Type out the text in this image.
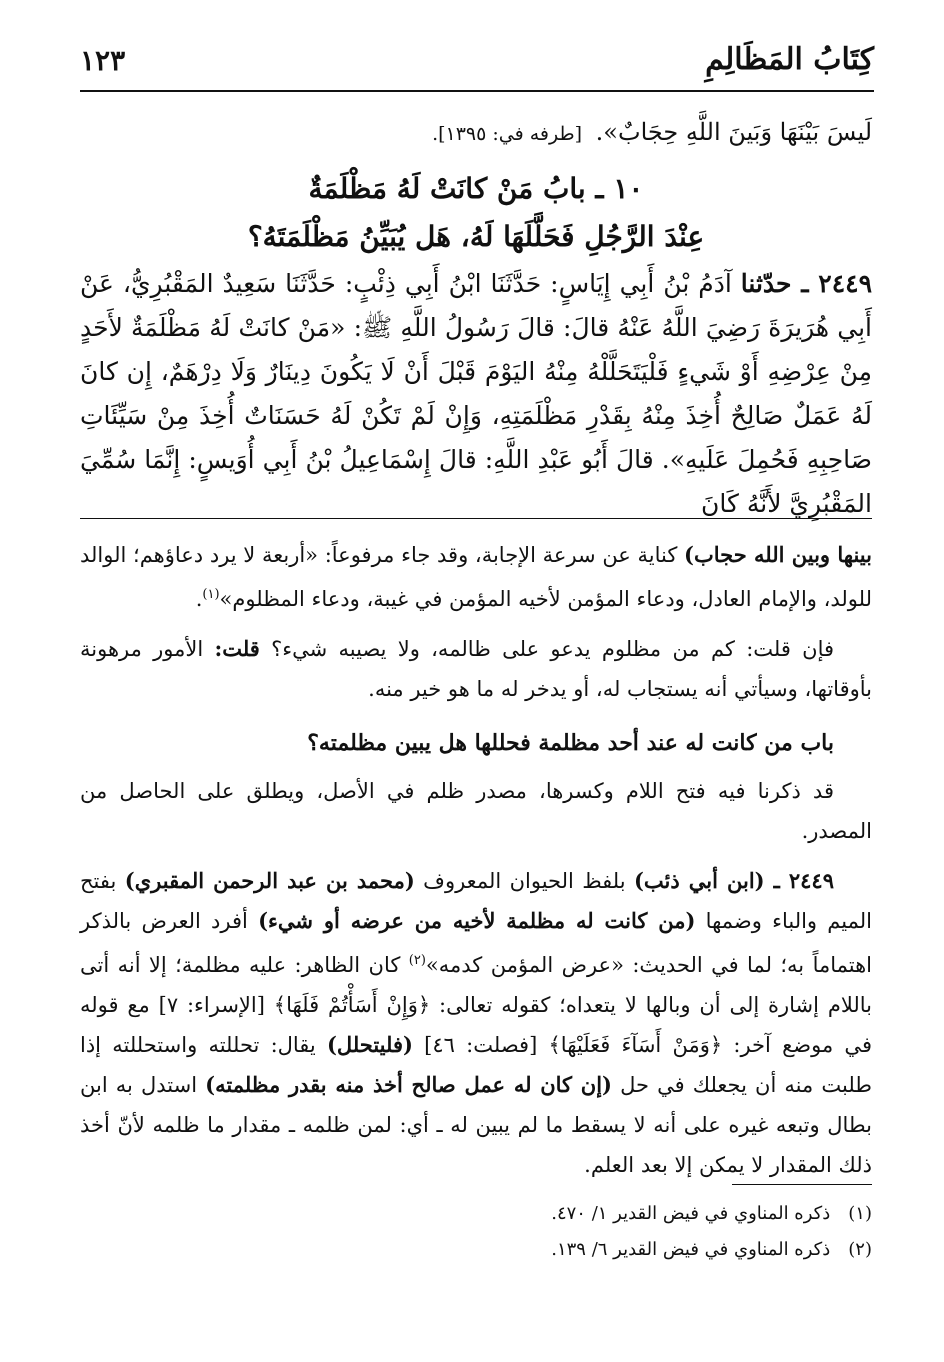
كِتَابُ المَظَالِمِ
١٢٣
لَيسَ بَيْنَهَا وَبَينَ اللَّهِ حِجَابٌ». [طرفه في: ١٣٩٥].
١٠ ـ بابُ مَنْ كانَتْ لَهُ مَظْلَمَةٌ
عِنْدَ الرَّجُلِ فَحَلَّلَهَا لَهُ، هَل يُبَيِّنُ مَظْلَمَتَهُ؟
٢٤٤٩ ـ حدّثنا آدَمُ بْنُ أَبِي إِيَاسٍ: حَدَّثَنَا ابْنُ أَبِي ذِئْبٍ: حَدَّثَنَا سَعِيدٌ المَقْبُرِيُّ، عَنْ أَبِي هُرَيرَةَ رَضِيَ اللَّهُ عَنْهُ قالَ: قالَ رَسُولُ اللَّهِ ﷺ: «مَنْ كانَتْ لَهُ مَظْلَمَةٌ لأَحَدٍ مِنْ عِرْضِهِ أَوْ شَيءٍ فَلْيَتَحَلَّلْهُ مِنْهُ اليَوْمَ قَبْلَ أَنْ لَا يَكُونَ دِينَارٌ وَلَا دِرْهَمٌ، إِن كانَ لَهُ عَمَلٌ صَالِحٌ أُخِذَ مِنْهُ بِقَدْرِ مَظْلَمَتِهِ، وَإِنْ لَمْ تَكُنْ لَهُ حَسَنَاتٌ أُخِذَ مِنْ سَيِّئَاتِ صَاحِبِهِ فَحُمِلَ عَلَيهِ». قالَ أَبُو عَبْدِ اللَّهِ: قالَ إِسْمَاعِيلُ بْنُ أَبِي أُوَيسٍ: إِنَّمَا سُمِّيَ المَقْبُرِيَّ لأَنَّهُ كَانَ

بينها وبين الله حجاب) كناية عن سرعة الإجابة، وقد جاء مرفوعاً: «أربعة لا يرد دعاؤهم؛ الوالد للولد، والإمام العادل، ودعاء المؤمن لأخيه المؤمن في غيبة، ودعاء المظلوم»$^{(١)}$.

فإن قلت: كم من مظلوم يدعو على ظالمه، ولا يصيبه شيء؟ قلت: الأمور مرهونة بأوقاتها، وسيأتي أنه يستجاب له، أو يدخر له ما هو خير منه.

باب من كانت له عند أحد مظلمة فحللها هل يبين مظلمته؟

قد ذكرنا فيه فتح اللام وكسرها، مصدر ظلم في الأصل، ويطلق على الحاصل من المصدر.

٢٤٤٩ ـ (ابن أبي ذئب) بلفظ الحيوان المعروف (محمد بن عبد الرحمن المقبري) بفتح الميم والباء وضمها (من كانت له مظلمة لأخيه من عرضه أو شيء) أفرد العرض بالذكر اهتماماً به؛ لما في الحديث: «عرض المؤمن كدمه»$^{(٢)}$ كان الظاهر: عليه مظلمة؛ إلا أنه أتى باللام إشارة إلى أن وبالها لا يتعداه؛ كقوله تعالى: ﴿وَإِنْ أَسَأْتُمْ فَلَهَا﴾ [الإسراء: ٧] مع قوله في موضع آخر: ﴿وَمَنْ أَسَآءَ فَعَلَيْهَا﴾ [فصلت: ٤٦] (فليتحلل) يقال: تحللته واستحللته إذا طلبت منه أن يجعلك في حل (إن كان له عمل صالح أخذ منه بقدر مظلمته) استدل به ابن بطال وتبعه غيره على أنه لا يسقط ما لم يبين له ـ أي: لمن ظلمه ـ مقدار ما ظلمه لأنّ أخذ ذلك المقدار لا يمكن إلا بعد العلم.

(١)ذكره المناوي في فيض القدير ١/ ٤٧٠.
(٢)ذكره المناوي في فيض القدير ٦/ ١٣٩.
